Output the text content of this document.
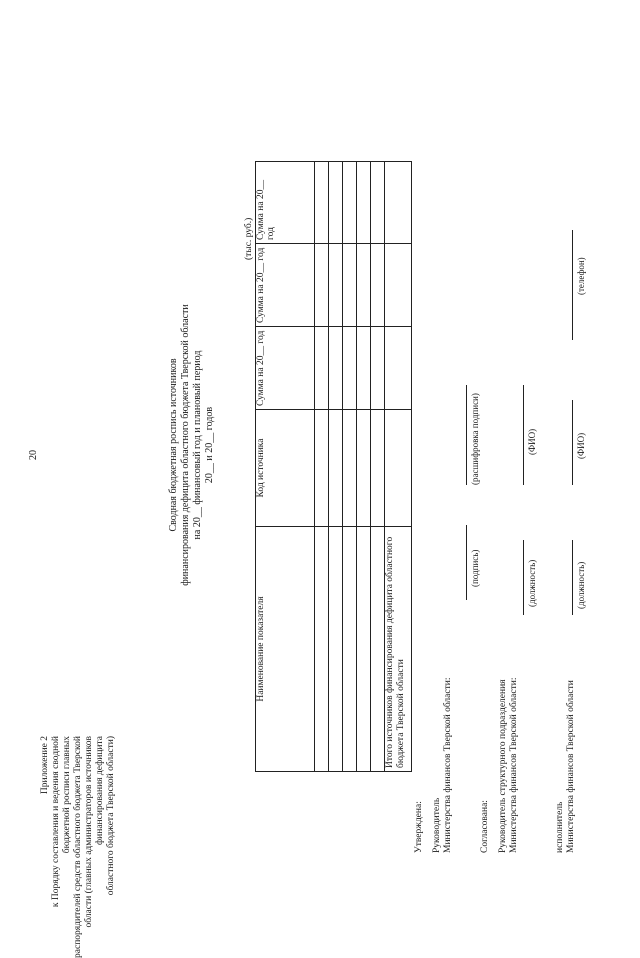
20
Приложение 2 к Порядку составления и ведения сводной бюджетной росписи главных распорядителей средств областного бюджета Тверской области (главных администраторов источников финансирования дефицита областного бюджета Тверской области)
Сводная бюджетная роспись источников финансирования дефицита областного бюджета Тверской области на 20__ финансовый год и плановый период 20__ и 20__ годов
(тыс. руб.)
Наименование показателя	Код источника	Сумма на 20__ год	Сумма на 20__ год	Сумма на 20__ год

Итого источников финансирования дефицита областного бюджета Тверской области				
Утверждена: Руководитель Министерства финансов Тверской области:
(подпись)
(расшифровка подписи)
Согласована: Руководитель структурного подразделения Министерства финансов Тверской области:
(должность)
(ФИО)
исполнитель Министерства финансов Тверской области
(должность)
(ФИО)
(телефон)
